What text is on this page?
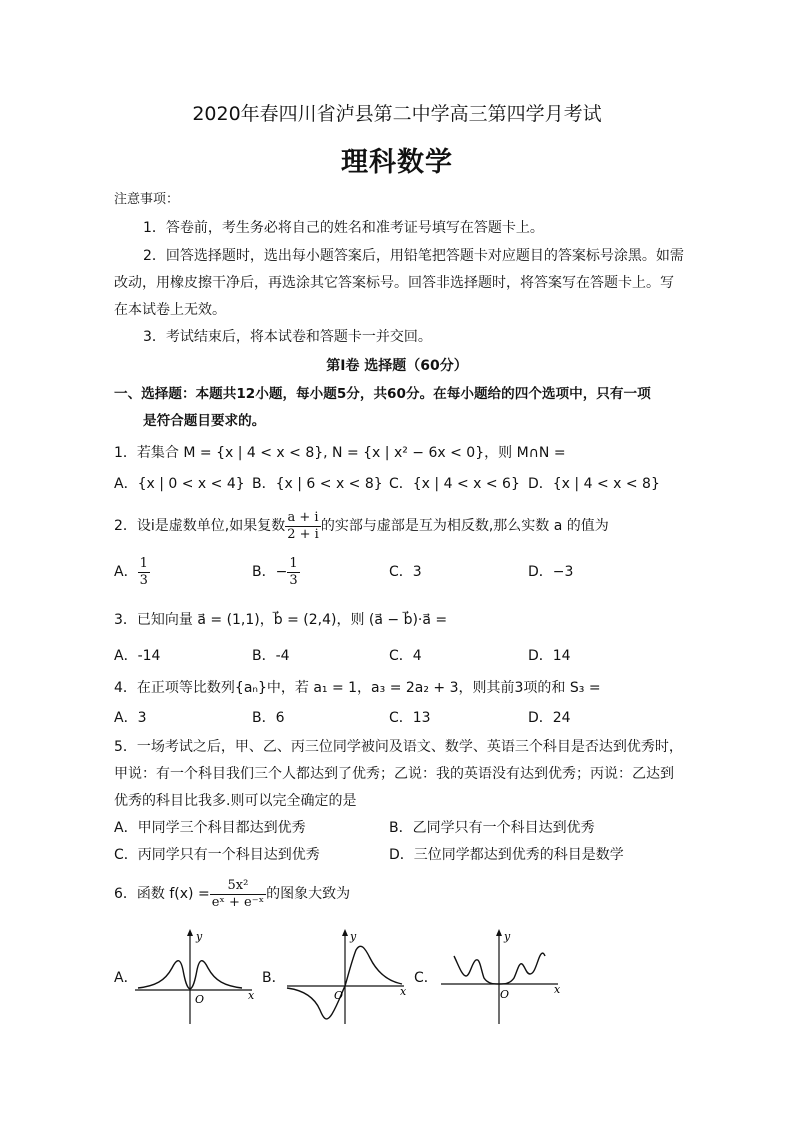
2020年春四川省泸县第二中学高三第四学月考试
理科数学
注意事项：
1．答卷前，考生务必将自己的姓名和准考证号填写在答题卡上。
2．回答选择题时，选出每小题答案后，用铅笔把答题卡对应题目的答案标号涂黑。如需
改动，用橡皮擦干净后，再选涂其它答案标号。回答非选择题时，将答案写在答题卡上。写
在本试卷上无效。
3．考试结束后，将本试卷和答题卡一并交回。
第Ⅰ卷 选择题（60分）
一、选择题：本题共12小题，每小题5分，共60分。在每小题给的四个选项中，只有一项
是符合题目要求的。
1．若集合 M = {x | 4 < x < 8}, N = {x | x² − 6x < 0}，则 M∩N =
A．{x | 0 < x < 4} B．{x | 6 < x < 8} C．{x | 4 < x < 6} D．{x | 4 < x < 8}
2．设i是虚数单位,如果复数 $\frac{a + i}{2 + i}$ 的实部与虚部是互为相反数,那么实数 a 的值为
A． $\frac{1}{3}$	B．− $\frac{1}{3}$	C．3	D．−3
3．已知向量 a⃗ = (1,1)，b⃗ = (2,4)，则 (a⃗ − b⃗)·a⃗ =
A．-14	B．-4	C．4	D．14
4．在正项等比数列{aₙ}中，若 a₁ = 1，a₃ = 2a₂ + 3，则其前3项的和 S₃ =
A．3	B．6	C．13	D．24
5．一场考试之后，甲、乙、丙三位同学被问及语文、数学、英语三个科目是否达到优秀时，
甲说：有一个科目我们三个人都达到了优秀；乙说：我的英语没有达到优秀；丙说：乙达到
优秀的科目比我多.则可以完全确定的是
A．甲同学三个科目都达到优秀	B．乙同学只有一个科目达到优秀
C．丙同学只有一个科目达到优秀	D．三位同学都达到优秀的科目是数学
6．函数 $f(x) = \frac{\text{5x²}}{\text{eˣ + e⁻ˣ}}$ 的图象大致为
A．
y
O	x
B．
y
O	x
C．
y
O	x
